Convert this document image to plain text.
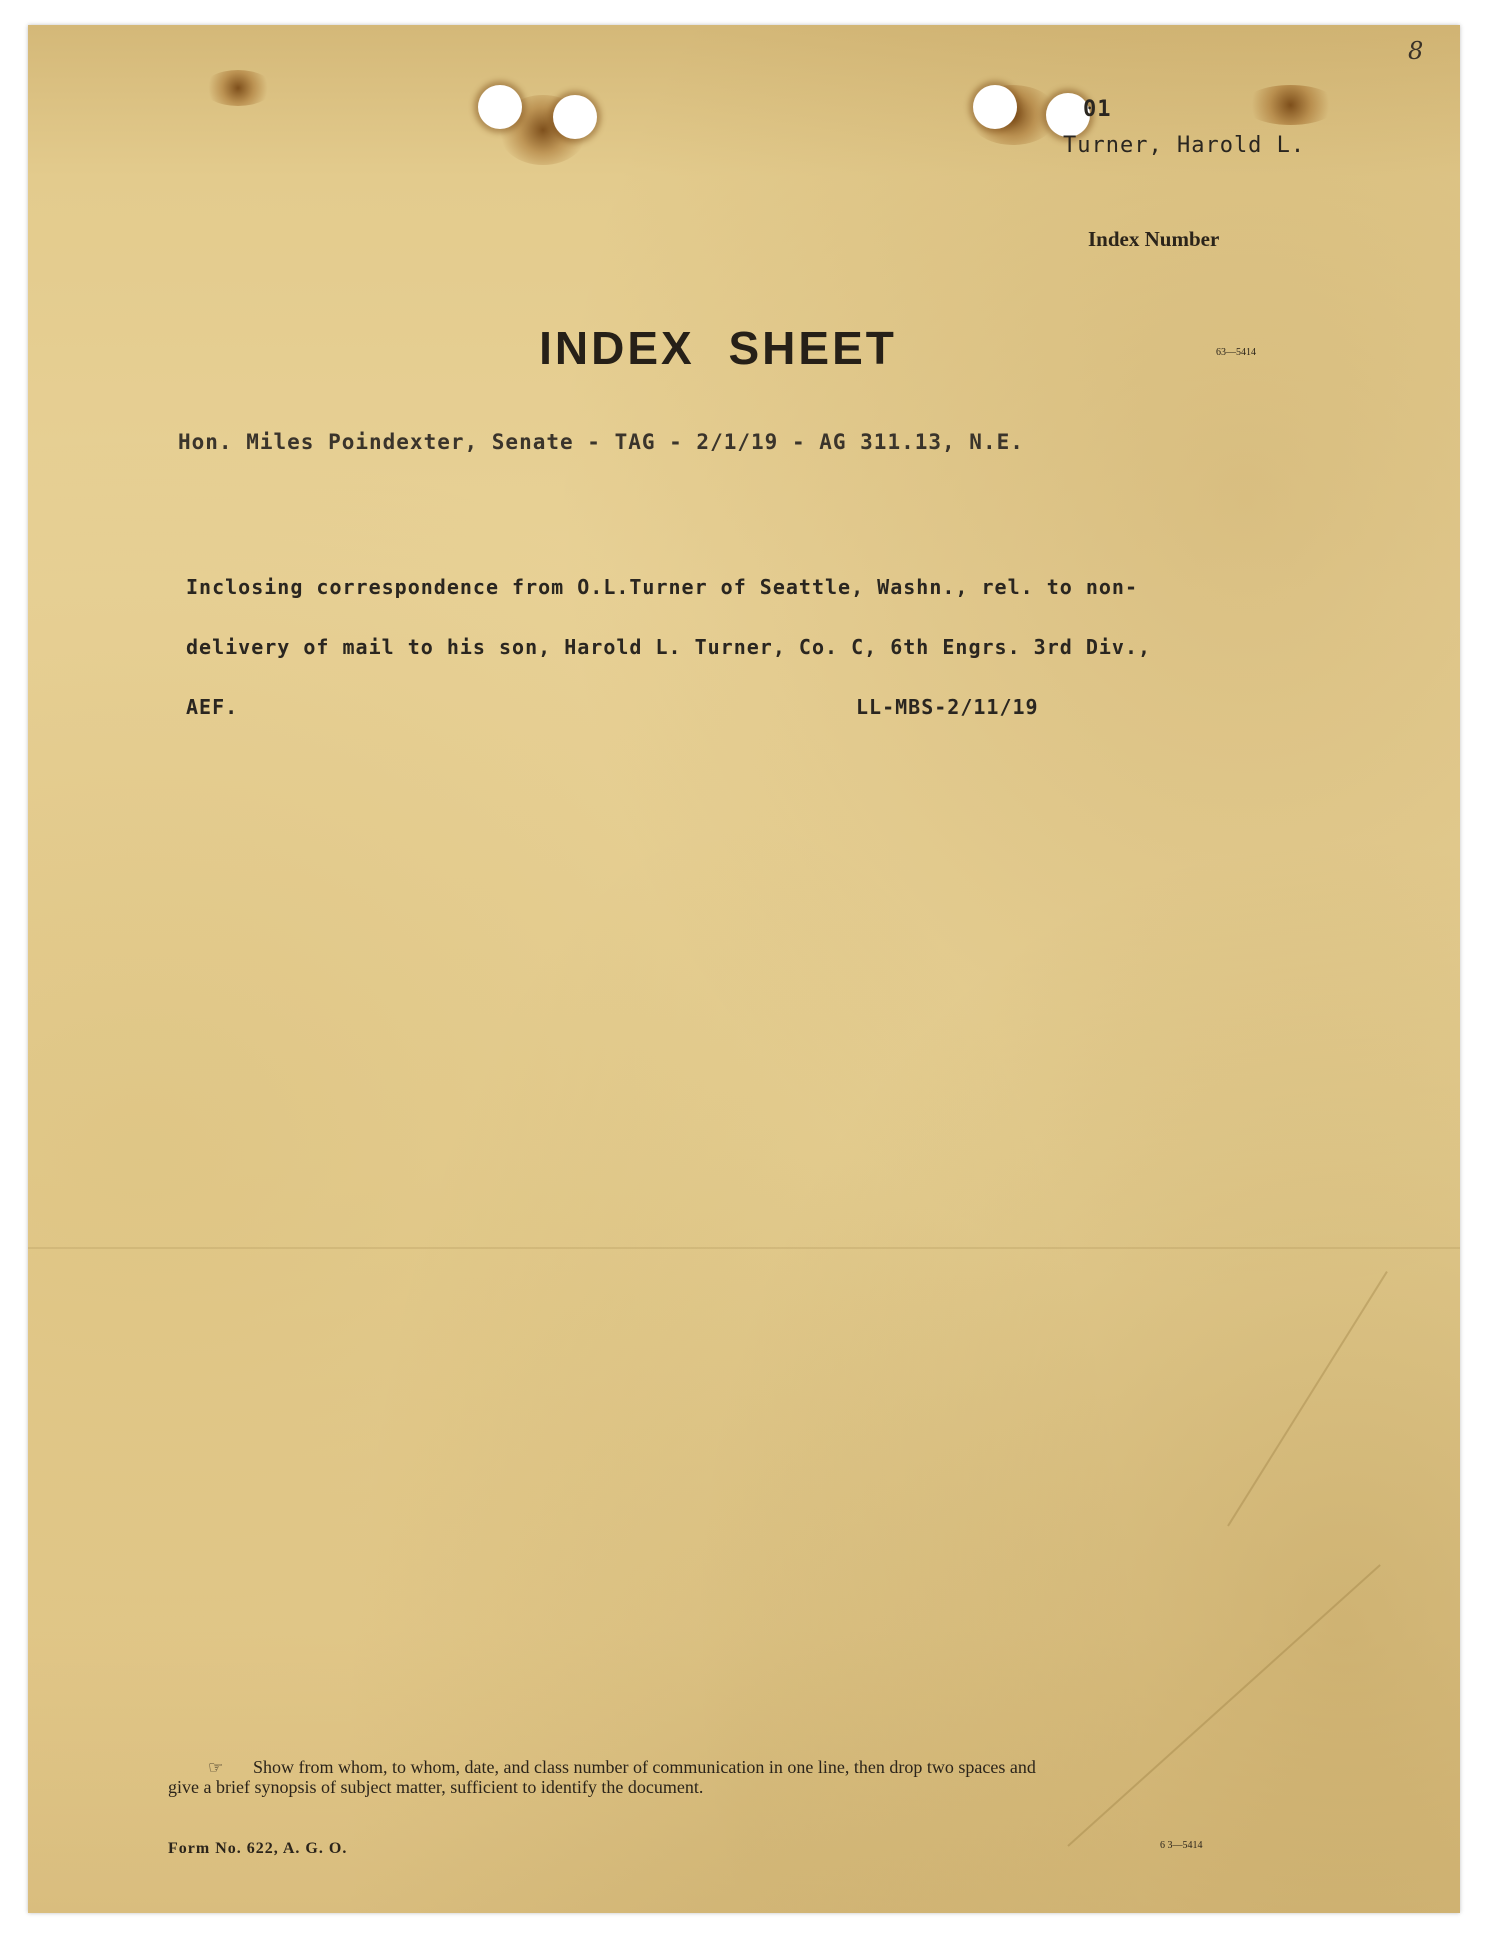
8
01
Turner, Harold L.
Index Number
INDEX SHEET	63—5414
Hon. Miles Poindexter, Senate - TAG - 2/1/19 - AG 311.13, N.E.
Inclosing correspondence from O.L.Turner of Seattle, Washn., rel. to non-
delivery of mail to his son, Harold L. Turner, Co. C, 6th Engrs. 3rd Div.,
AEF.	LL-MBS-2/11/19
☞ Show from whom, to whom, date, and class number of communication in one line, then drop two spaces and
give a brief synopsis of subject matter, sufficient to identify the document.
Form No. 622, A. G. O.	6 3—5414
